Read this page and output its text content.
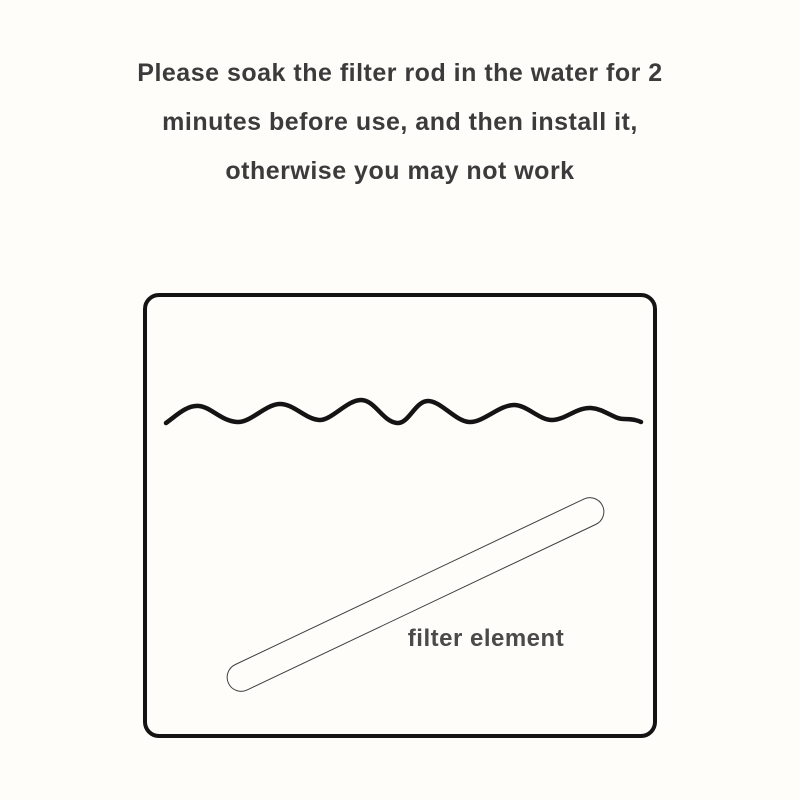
Please soak the filter rod in the water for 2
minutes before use, and then install it,
otherwise you may not work
filter element
